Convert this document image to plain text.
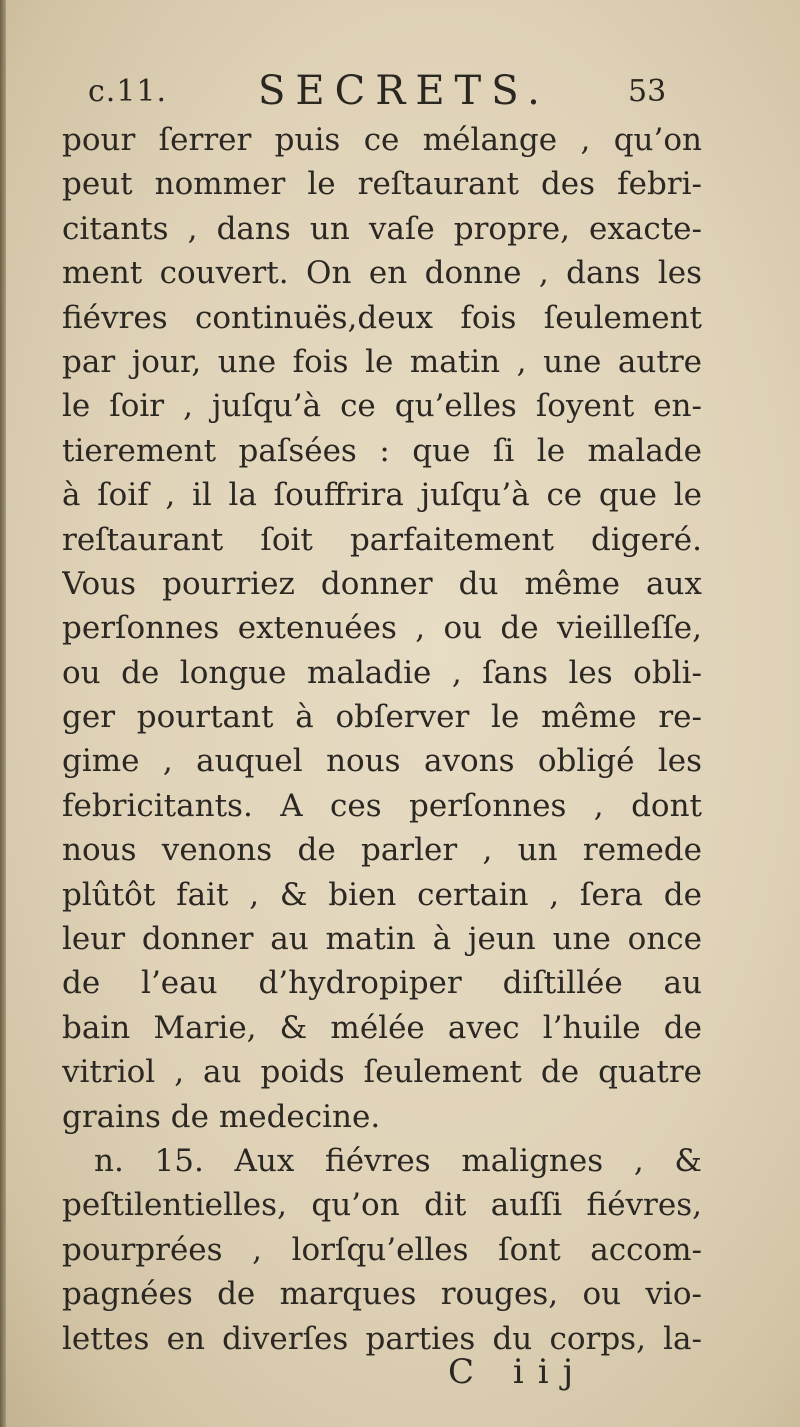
c.11. SECRETS.	53
pour ſerrer puis ce mélange , qu’on
peut nommer le reſtaurant des febri-
citants , dans un vaſe propre, exacte-
ment couvert. On en donne , dans les
fiévres continuës,deux fois ſeulement
par jour, une fois le matin , une autre
le ſoir , juſqu’à ce qu’elles ſoyent en-
tierement paſsées : que ſi le malade
à ſoif , il la ſouffrira juſqu’à ce que le
reſtaurant ſoit parfaitement digeré.
Vous pourriez donner du même aux
perſonnes extenuées , ou de vieilleſſe,
ou de longue maladie , ſans les obli-
ger pourtant à obſerver le même re-
gime , auquel nous avons obligé les
febricitants. A ces perſonnes , dont
nous venons de parler , un remede
plûtôt fait , & bien certain , ſera de
leur donner au matin à jeun une once
de l’eau d’hydropiper diſtillée au
bain Marie, & mélée avec l’huile de
vitriol , au poids ſeulement de quatre
grains de medecine.
n. 15. Aux fiévres malignes , &
peſtilentielles, qu’on dit auſſi fiévres,
pourprées , lorſqu’elles ſont accom-
pagnées de marques rouges, ou vio-
lettes en diverſes parties du corps, la-
C iij
